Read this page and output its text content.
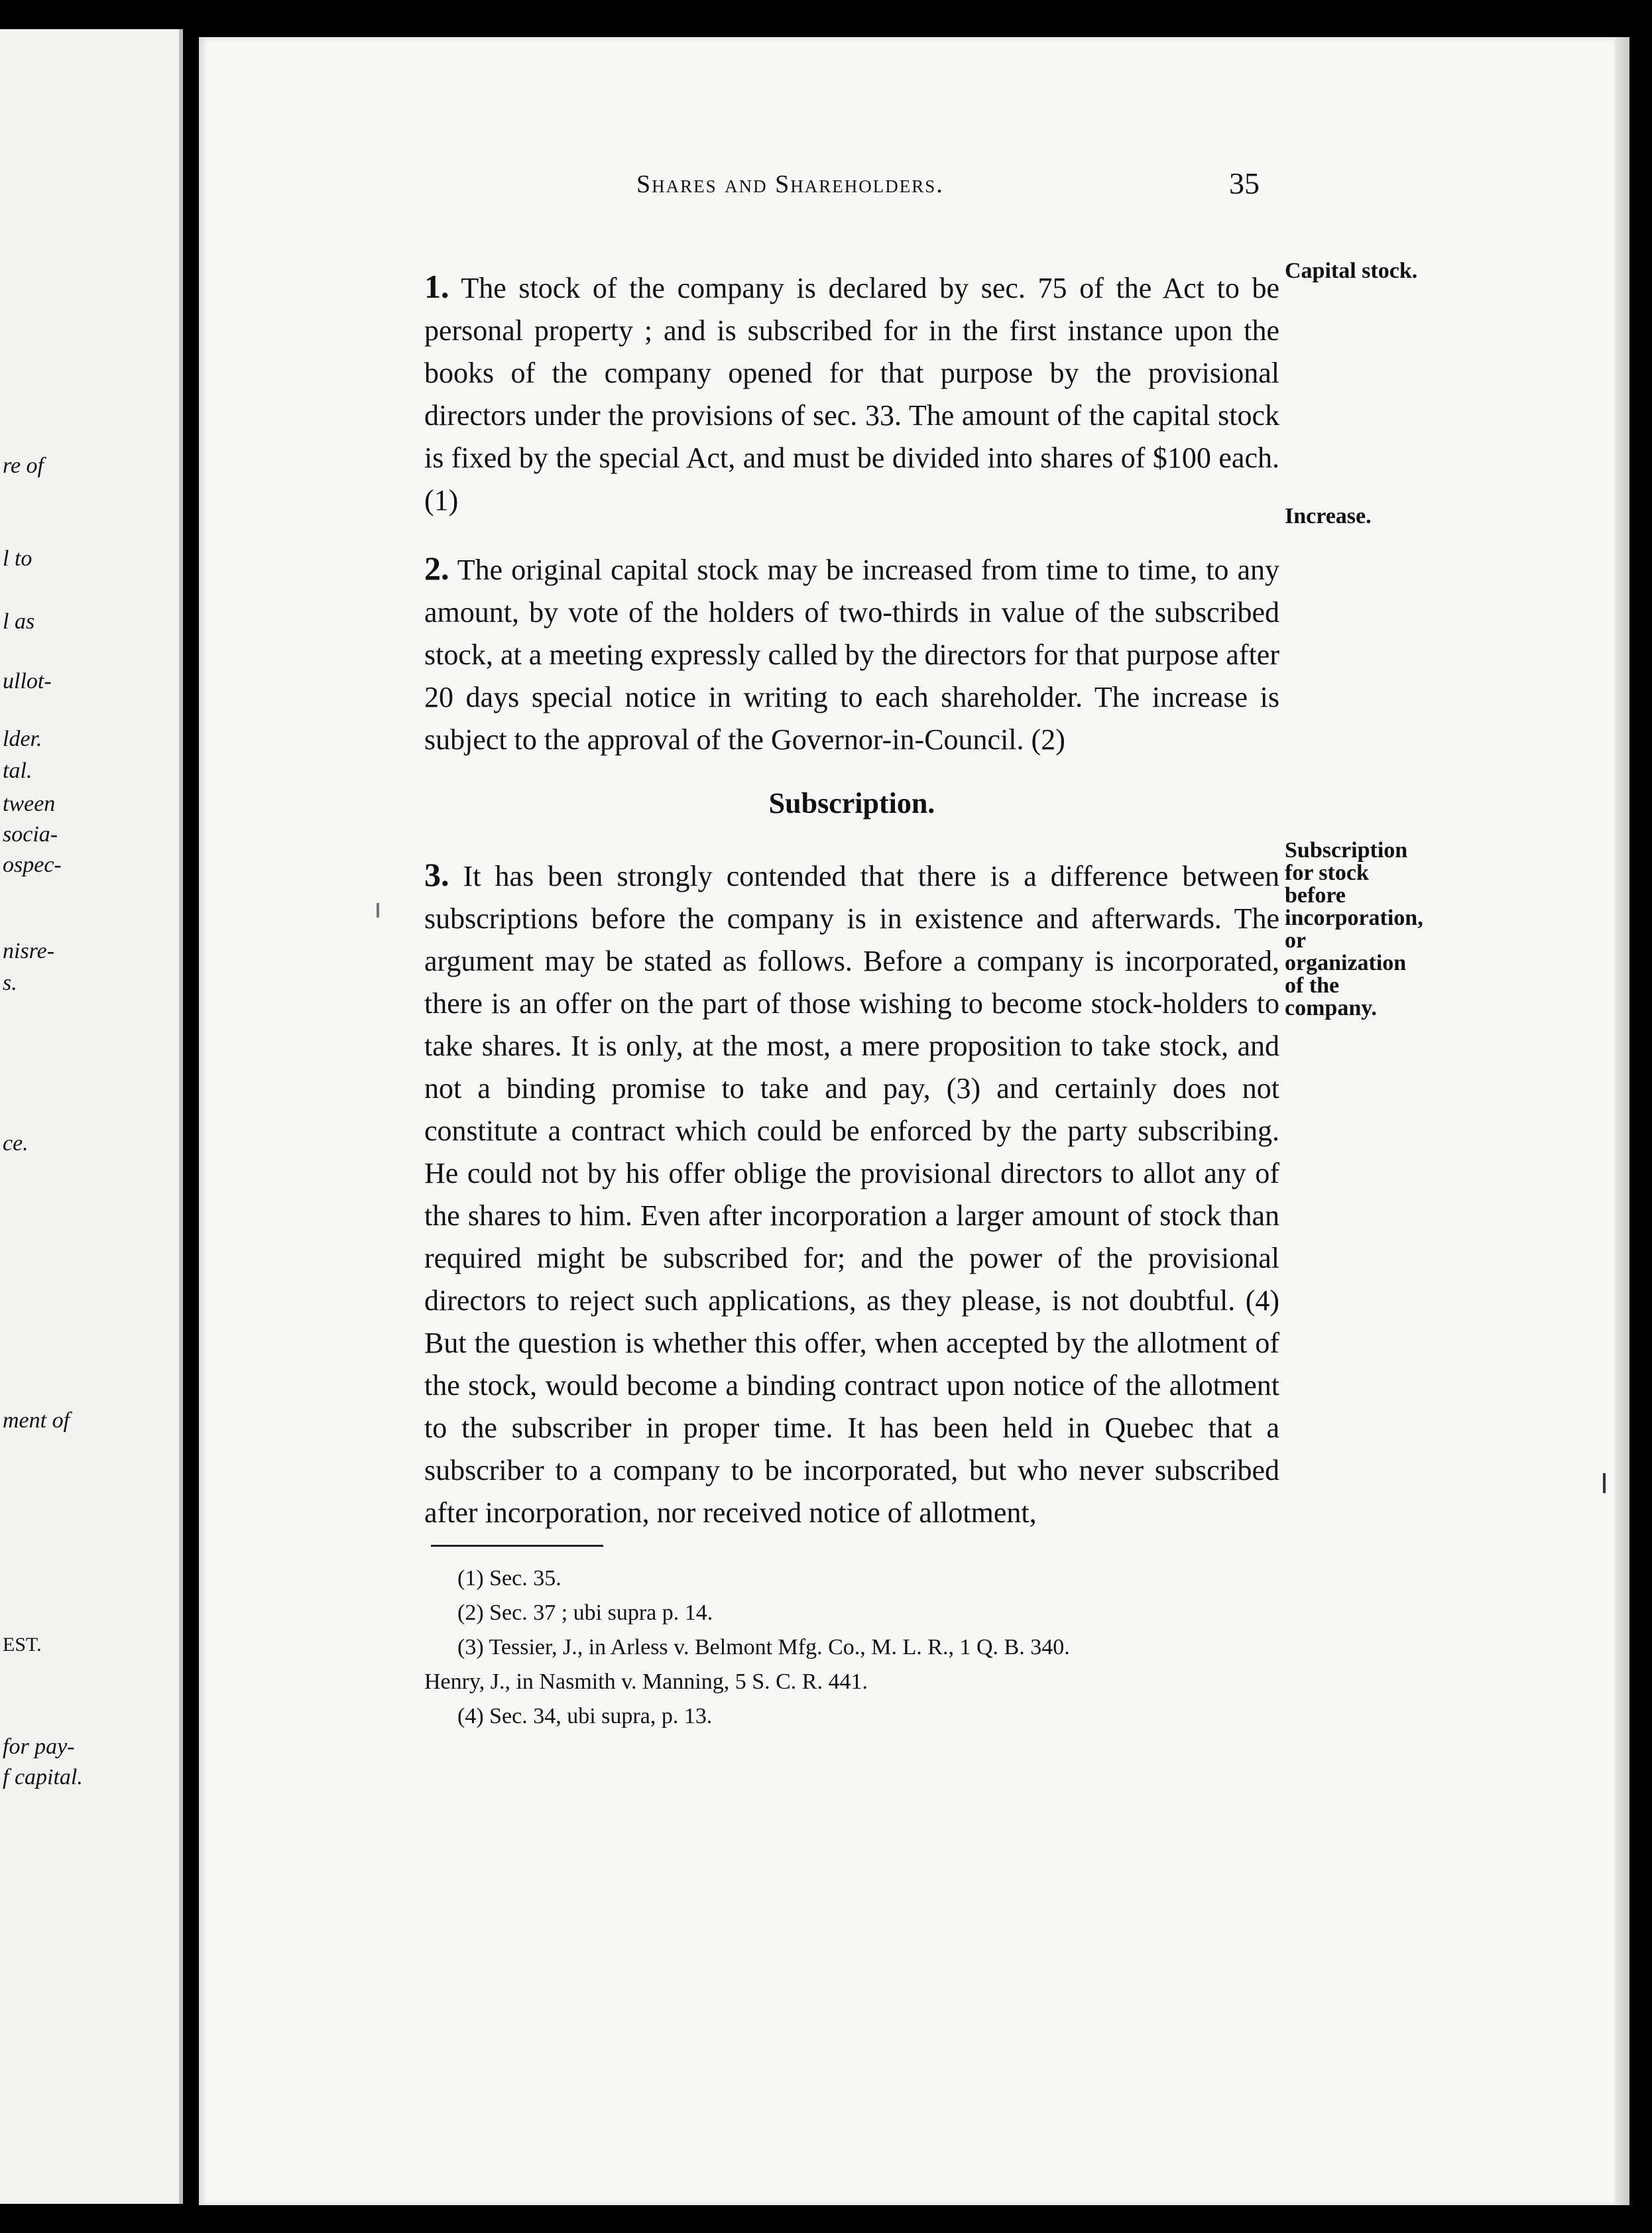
re of
l to
l as
ullot-
lder.
tal.
tween
socia-
ospec-
nisre-
s.
ce.
ment of
EST.
for pay-
f capital.
Shares and Shareholders.	35

1. The stock of the company is declared by sec. 75 of the Act to be personal property ; and is subscribed for in the first instance upon the books of the company opened for that purpose by the provisional directors under the provisions of sec. 33. The amount of the capital stock is fixed by the special Act, and must be divided into shares of $100 each. (1)

2. The original capital stock may be increased from time to time, to any amount, by vote of the holders of two-thirds in value of the subscribed stock, at a meeting expressly called by the directors for that purpose after 20 days special notice in writing to each shareholder. The increase is subject to the approval of the Governor-in-Council. (2)

Subscription.

3. It has been strongly contended that there is a difference between subscriptions before the company is in existence and afterwards. The argument may be stated as follows. Before a company is incorporated, there is an offer on the part of those wishing to become stock-holders to take shares. It is only, at the most, a mere proposition to take stock, and not a binding promise to take and pay, (3) and certainly does not constitute a contract which could be enforced by the party subscribing. He could not by his offer oblige the provisional directors to allot any of the shares to him. Even after incorporation a larger amount of stock than required might be subscribed for; and the power of the provisional directors to reject such applications, as they please, is not doubtful. (4) But the question is whether this offer, when accepted by the allotment of the stock, would become a binding contract upon notice of the allotment to the subscriber in proper time. It has been held in Quebec that a subscriber to a company to be incorporated, but who never subscribed after incorporation, nor received notice of allotment,

Capital stock.
Increase.
Subscription for stock before incorporation, or organization of the company.
(1) Sec. 35.
(2) Sec. 37 ; ubi supra p. 14.
(3) Tessier, J., in Arless v. Belmont Mfg. Co., M. L. R., 1 Q. B. 340.
Henry, J., in Nasmith v. Manning, 5 S. C. R. 441.
(4) Sec. 34, ubi supra, p. 13.
